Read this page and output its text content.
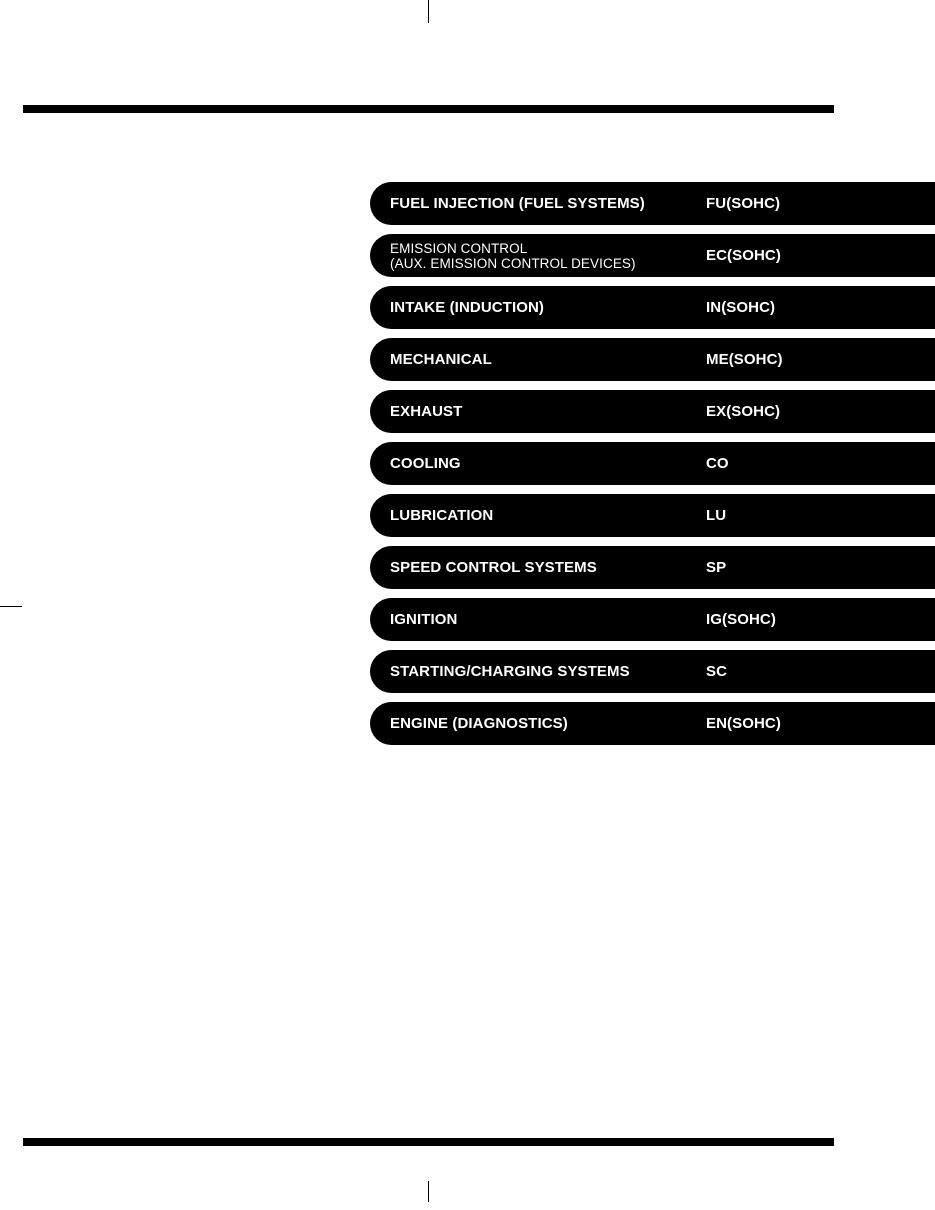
FUEL INJECTION (FUEL SYSTEMS)	FU(SOHC)
EMISSION CONTROL
(AUX. EMISSION CONTROL DEVICES)	EC(SOHC)
INTAKE (INDUCTION)	IN(SOHC)
MECHANICAL	ME(SOHC)
EXHAUST	EX(SOHC)
COOLING	CO
LUBRICATION	LU
SPEED CONTROL SYSTEMS	SP
IGNITION	IG(SOHC)
STARTING/CHARGING SYSTEMS	SC
ENGINE (DIAGNOSTICS)	EN(SOHC)
